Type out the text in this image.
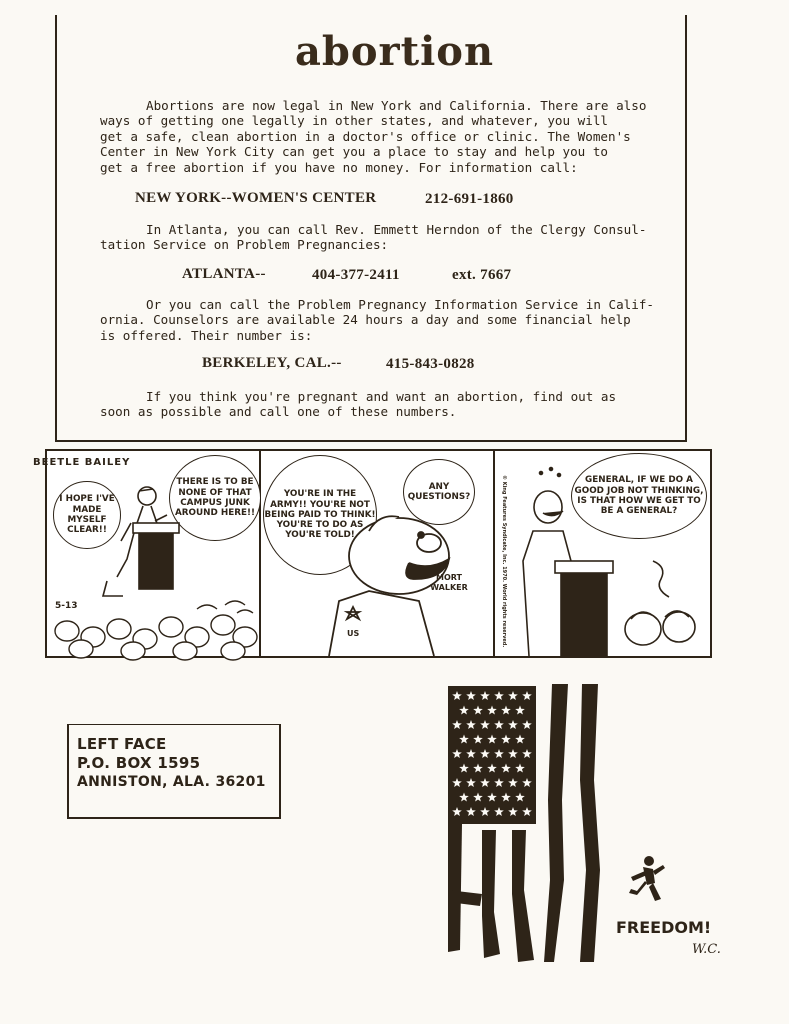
abortion
Abortions are now legal in New York and California. There are also
ways of getting one legally in other states, and whatever, you will
get a safe, clean abortion in a doctor's office or clinic. The Women's
Center in New York City can get you a place to stay and help you to
get a free abortion if you have no money. For information call:
NEW YORK--WOMEN'S CENTER	212-691-1860
In Atlanta, you can call Rev. Emmett Herndon of the Clergy Consul-
tation Service on Problem Pregnancies:
ATLANTA--	404-377-2411	ext. 7667
Or you can call the Problem Pregnancy Information Service in Calif-
ornia. Counselors are available 24 hours a day and some financial help
is offered. Their number is:
BERKELEY, CAL.--	415-843-0828
If you think you're pregnant and want an abortion, find out as
soon as possible and call one of these numbers.
BEETLE BAILEY
I HOPE I'VE MADE MYSELF CLEAR!!
THERE IS TO BE NONE OF THAT CAMPUS JUNK AROUND HERE!!
5-13
YOU'RE IN THE ARMY!! YOU'RE NOT BEING PAID TO THINK! YOU'RE TO DO AS YOU'RE TOLD!
ANY QUESTIONS?
US
MORT WALKER	© King Features Syndicate, Inc. 1970. World rights reserved.	GENERAL, IF WE DO A GOOD JOB NOT THINKING, IS THAT HOW WE GET TO BE A GENERAL?
LEFT FACE
P.O. BOX 1595
ANNISTON, ALA. 36201
FREEDOM!
W.C.
